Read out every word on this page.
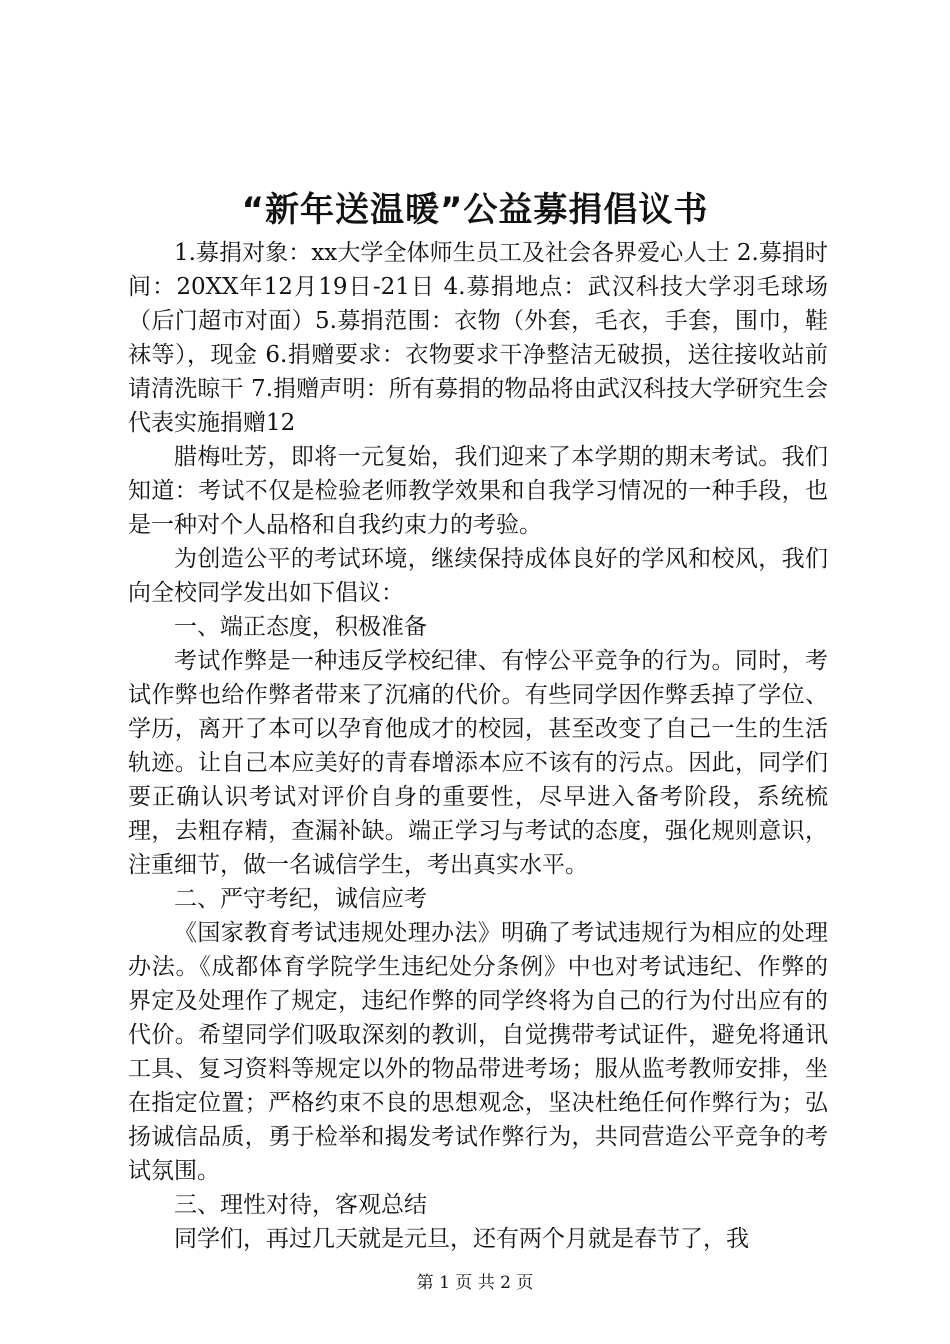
“新年送温暖”公益募捐倡议书

1.募捐对象：xx大学全体师生员工及社会各界爱心人士 2.募捐时间：20XX年12月19日-21日 4.募捐地点：武汉科技大学羽毛球场（后门超市对面）5.募捐范围：衣物（外套，毛衣，手套，围巾，鞋袜等），现金 6.捐赠要求：衣物要求干净整洁无破损，送往接收站前请清洗晾干 7.捐赠声明：所有募捐的物品将由武汉科技大学研究生会代表实施捐赠12

腊梅吐芳，即将一元复始，我们迎来了本学期的期末考试。我们知道：考试不仅是检验老师教学效果和自我学习情况的一种手段，也是一种对个人品格和自我约束力的考验。

为创造公平的考试环境，继续保持成体良好的学风和校风，我们向全校同学发出如下倡议：

一、端正态度，积极准备

考试作弊是一种违反学校纪律、有悖公平竞争的行为。同时，考试作弊也给作弊者带来了沉痛的代价。有些同学因作弊丢掉了学位、学历，离开了本可以孕育他成才的校园，甚至改变了自己一生的生活轨迹。让自己本应美好的青春增添本应不该有的污点。因此，同学们要正确认识考试对评价自身的重要性，尽早进入备考阶段，系统梳理，去粗存精，查漏补缺。端正学习与考试的态度，强化规则意识，注重细节，做一名诚信学生，考出真实水平。

二、严守考纪，诚信应考

《国家教育考试违规处理办法》明确了考试违规行为相应的处理办法。《成都体育学院学生违纪处分条例》中也对考试违纪、作弊的界定及处理作了规定，违纪作弊的同学终将为自己的行为付出应有的代价。希望同学们吸取深刻的教训，自觉携带考试证件，避免将通讯工具、复习资料等规定以外的物品带进考场；服从监考教师安排，坐在指定位置；严格约束不良的思想观念，坚决杜绝任何作弊行为；弘扬诚信品质，勇于检举和揭发考试作弊行为，共同营造公平竞争的考试氛围。

三、理性对待，客观总结

同学们，再过几天就是元旦，还有两个月就是春节了，我

第 1 页 共 2 页
